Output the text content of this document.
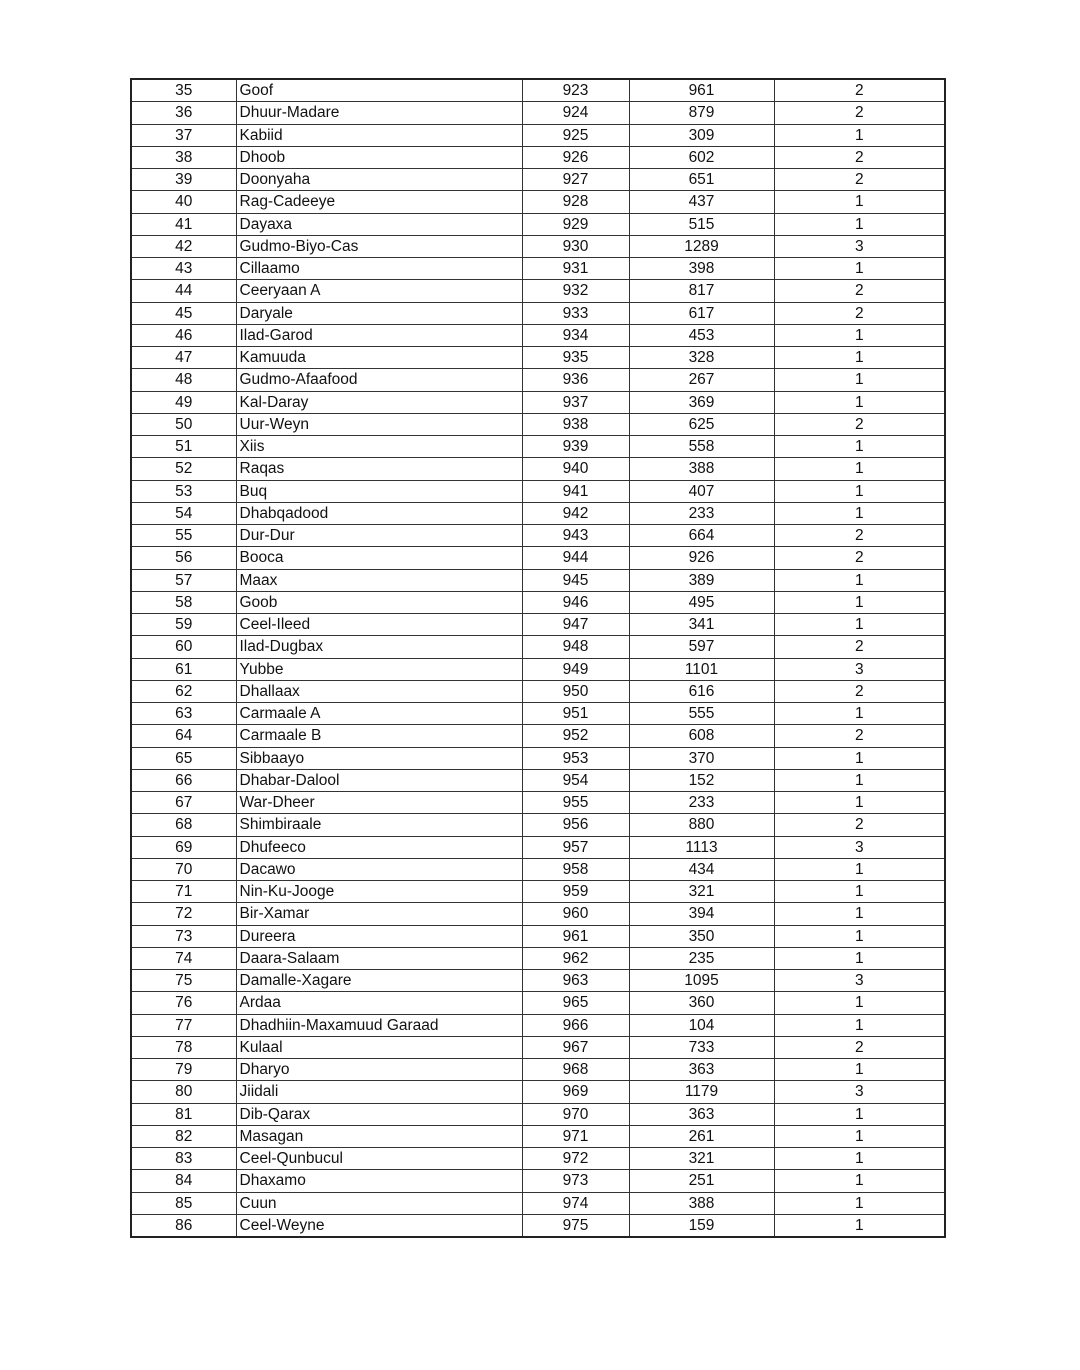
35	Goof	923	961	2
36	Dhuur-Madare	924	879	2
37	Kabiid	925	309	1
38	Dhoob	926	602	2
39	Doonyaha	927	651	2
40	Rag-Cadeeye	928	437	1
41	Dayaxa	929	515	1
42	Gudmo-Biyo-Cas	930	1289	3
43	Cillaamo	931	398	1
44	Ceeryaan A	932	817	2
45	Daryale	933	617	2
46	Ilad-Garod	934	453	1
47	Kamuuda	935	328	1
48	Gudmo-Afaafood	936	267	1
49	Kal-Daray	937	369	1
50	Uur-Weyn	938	625	2
51	Xiis	939	558	1
52	Raqas	940	388	1
53	Buq	941	407	1
54	Dhabqadood	942	233	1
55	Dur-Dur	943	664	2
56	Booca	944	926	2
57	Maax	945	389	1
58	Goob	946	495	1
59	Ceel-Ileed	947	341	1
60	Ilad-Dugbax	948	597	2
61	Yubbe	949	1101	3
62	Dhallaax	950	616	2
63	Carmaale A	951	555	1
64	Carmaale B	952	608	2
65	Sibbaayo	953	370	1
66	Dhabar-Dalool	954	152	1
67	War-Dheer	955	233	1
68	Shimbiraale	956	880	2
69	Dhufeeco	957	1113	3
70	Dacawo	958	434	1
71	Nin-Ku-Jooge	959	321	1
72	Bir-Xamar	960	394	1
73	Dureera	961	350	1
74	Daara-Salaam	962	235	1
75	Damalle-Xagare	963	1095	3
76	Ardaa	965	360	1
77	Dhadhiin-Maxamuud Garaad	966	104	1
78	Kulaal	967	733	2
79	Dharyo	968	363	1
80	Jiidali	969	1179	3
81	Dib-Qarax	970	363	1
82	Masagan	971	261	1
83	Ceel-Qunbucul	972	321	1
84	Dhaxamo	973	251	1
85	Cuun	974	388	1
86	Ceel-Weyne	975	159	1
